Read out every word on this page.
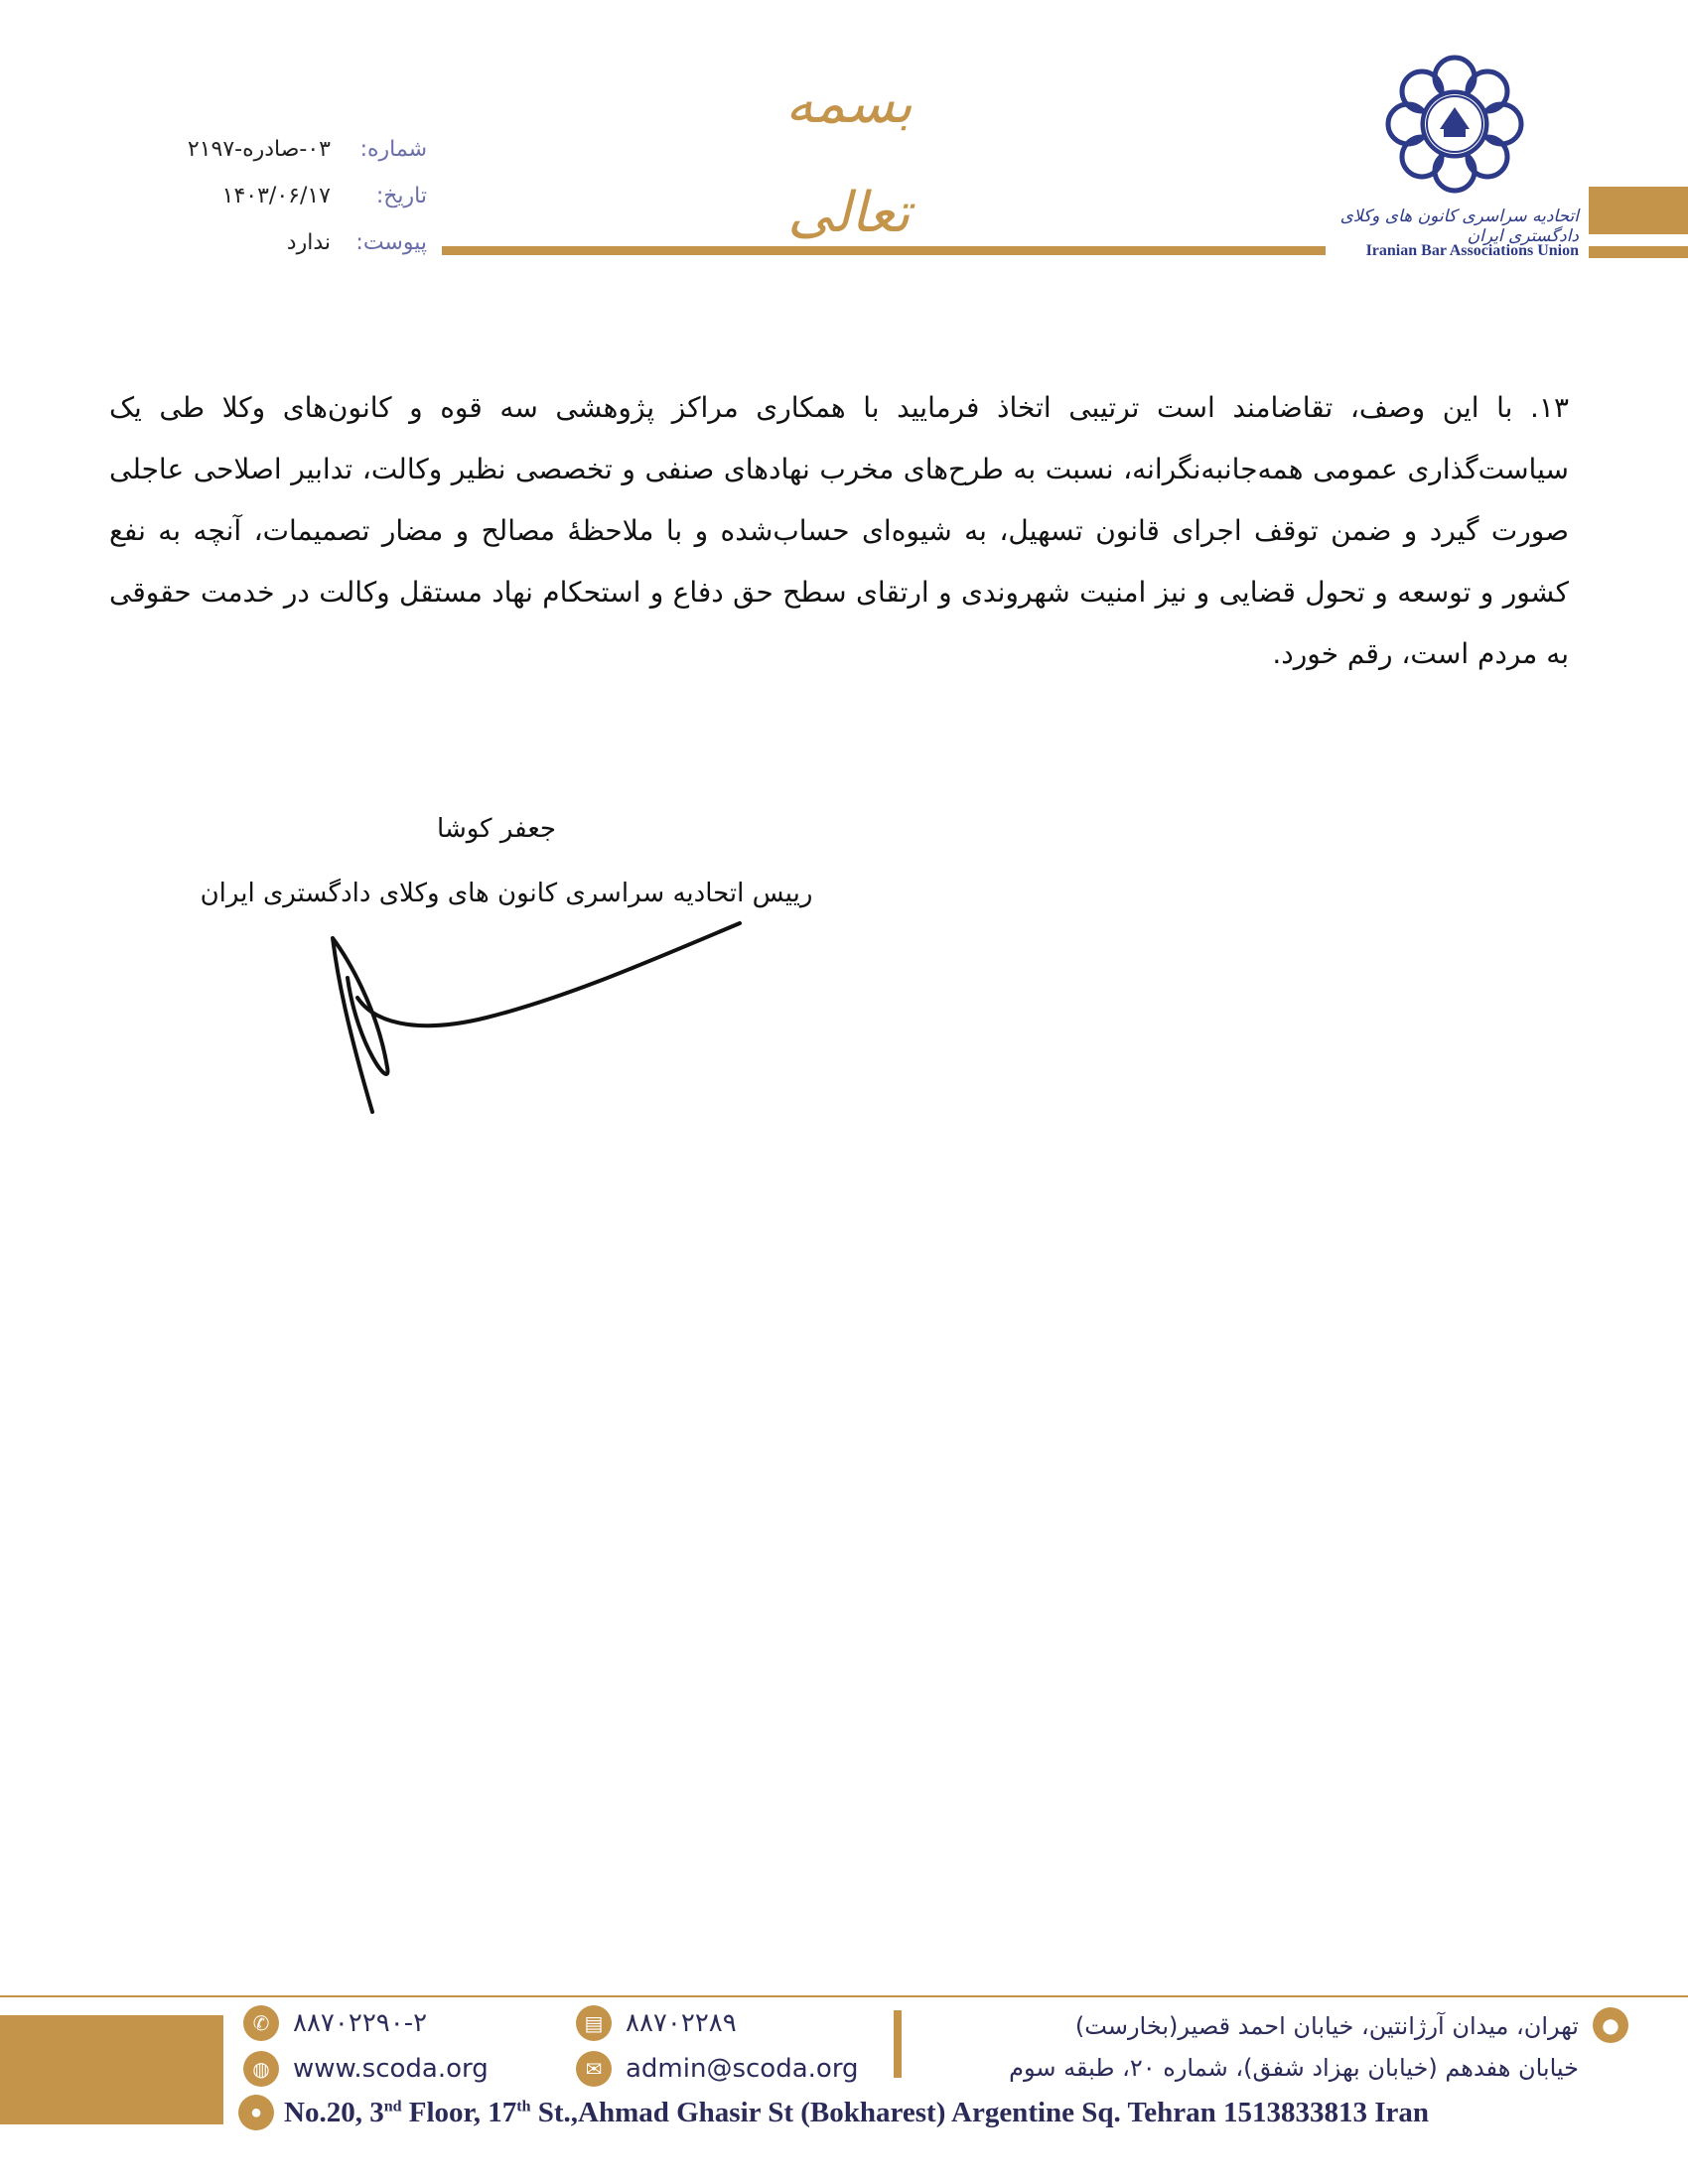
شماره: ۰۳-صادره-۲۱۹۷
تاریخ: ۱۴۰۳/۰۶/۱۷
پیوست: ندارد
بسمه تعالی	اتحادیه سراسری کانون های وکلای دادگستری ایران
Iranian Bar Associations Union
۱۳. با این وصف، تقاضامند است ترتیبی اتخاذ فرمایید با همکاری مراکز پژوهشی سه قوه و کانون‌های وکلا طی یک سیاست‌گذاری عمومی همه‌جانبه‌نگرانه، نسبت به طرح‌های مخرب نهادهای صنفی و تخصصی نظیر وکالت، تدابیر اصلاحی عاجلی صورت گیرد و ضمن توقف اجرای قانون تسهیل، به شیوه‌ای حساب‌شده و با ملاحظهٔ مصالح و مضار تصمیمات، آنچه به نفع کشور و توسعه و تحول قضایی و نیز امنیت شهروندی و ارتقای سطح حق دفاع و استحکام نهاد مستقل وکالت در خدمت حقوقی به مردم است، رقم خورد.
جعفر کوشا
رییس اتحادیه سراسری کانون های وکلای دادگستری ایران
●
تهران، میدان آرژانتین، خیابان احمد قصیر(بخارست)
خیابان هفدهم (خیابان بهزاد شفق)، شماره ۲۰، طبقه سوم
▤ ۸۸۷۰۲۲۸۹
✉ admin@scoda.org
✆ ۸۸۷۰۲۲۹۰-۲
◍ www.scoda.org
● No.20, 3nd Floor, 17th St.,Ahmad Ghasir St (Bokharest) Argentine Sq. Tehran 1513833813 Iran
